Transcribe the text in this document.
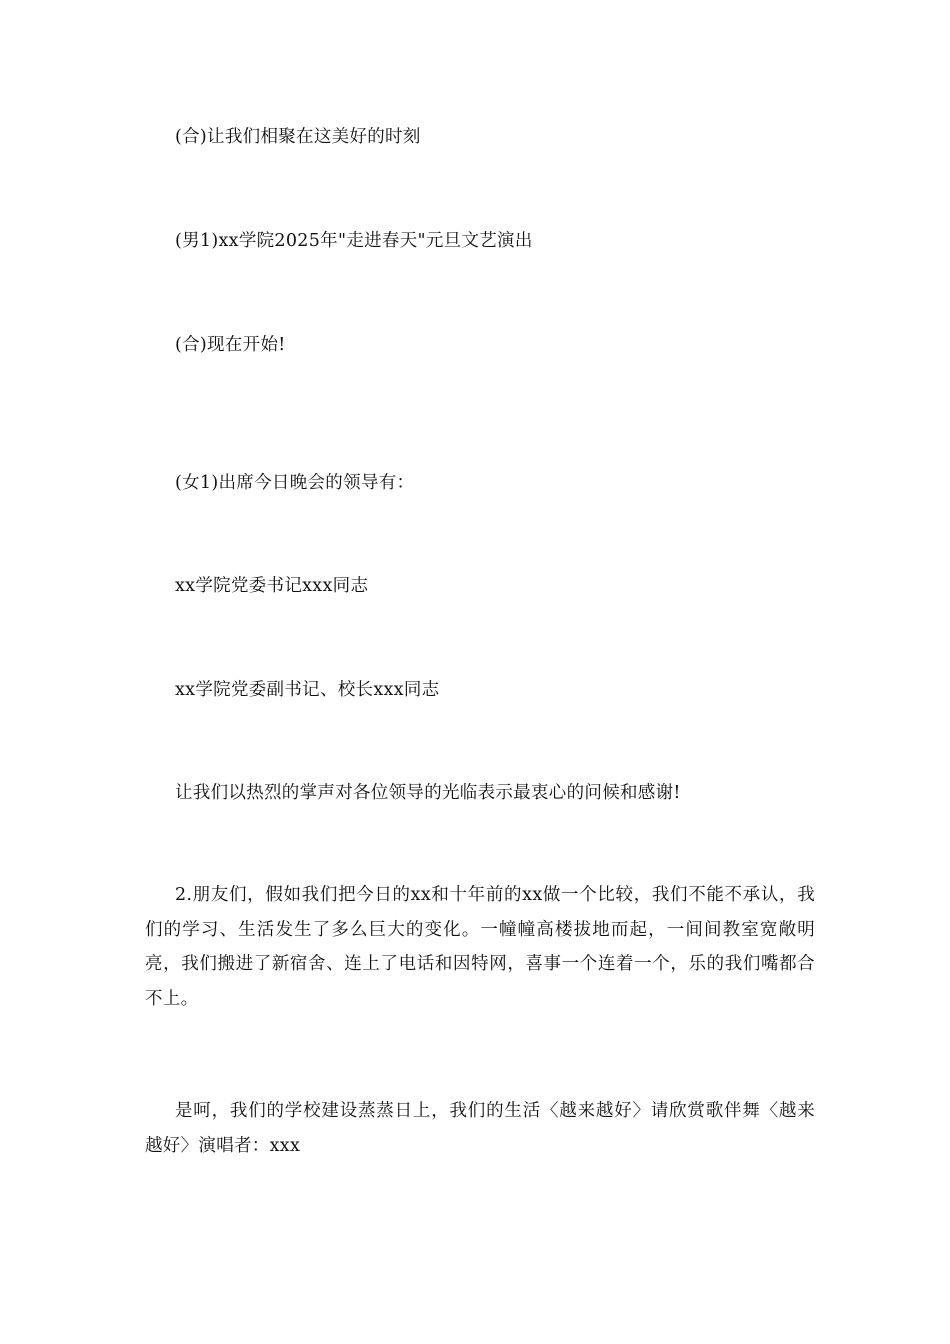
(合)让我们相聚在这美好的时刻
(男1)xx学院2025年"走进春天"元旦文艺演出
(合)现在开始!
(女1)出席今日晚会的领导有：
xx学院党委书记xxx同志
xx学院党委副书记、校长xxx同志
让我们以热烈的掌声对各位领导的光临表示最衷心的问候和感谢!
2.朋友们，假如我们把今日的xx和十年前的xx做一个比较，我们不能不承认，我们的学习、生活发生了多么巨大的变化。一幢幢高楼拔地而起，一间间教室宽敞明亮，我们搬进了新宿舍、连上了电话和因特网，喜事一个连着一个，乐的我们嘴都合不上。
是呵，我们的学校建设蒸蒸日上，我们的生活〈越来越好〉请欣赏歌伴舞〈越来越好〉演唱者：xxx
